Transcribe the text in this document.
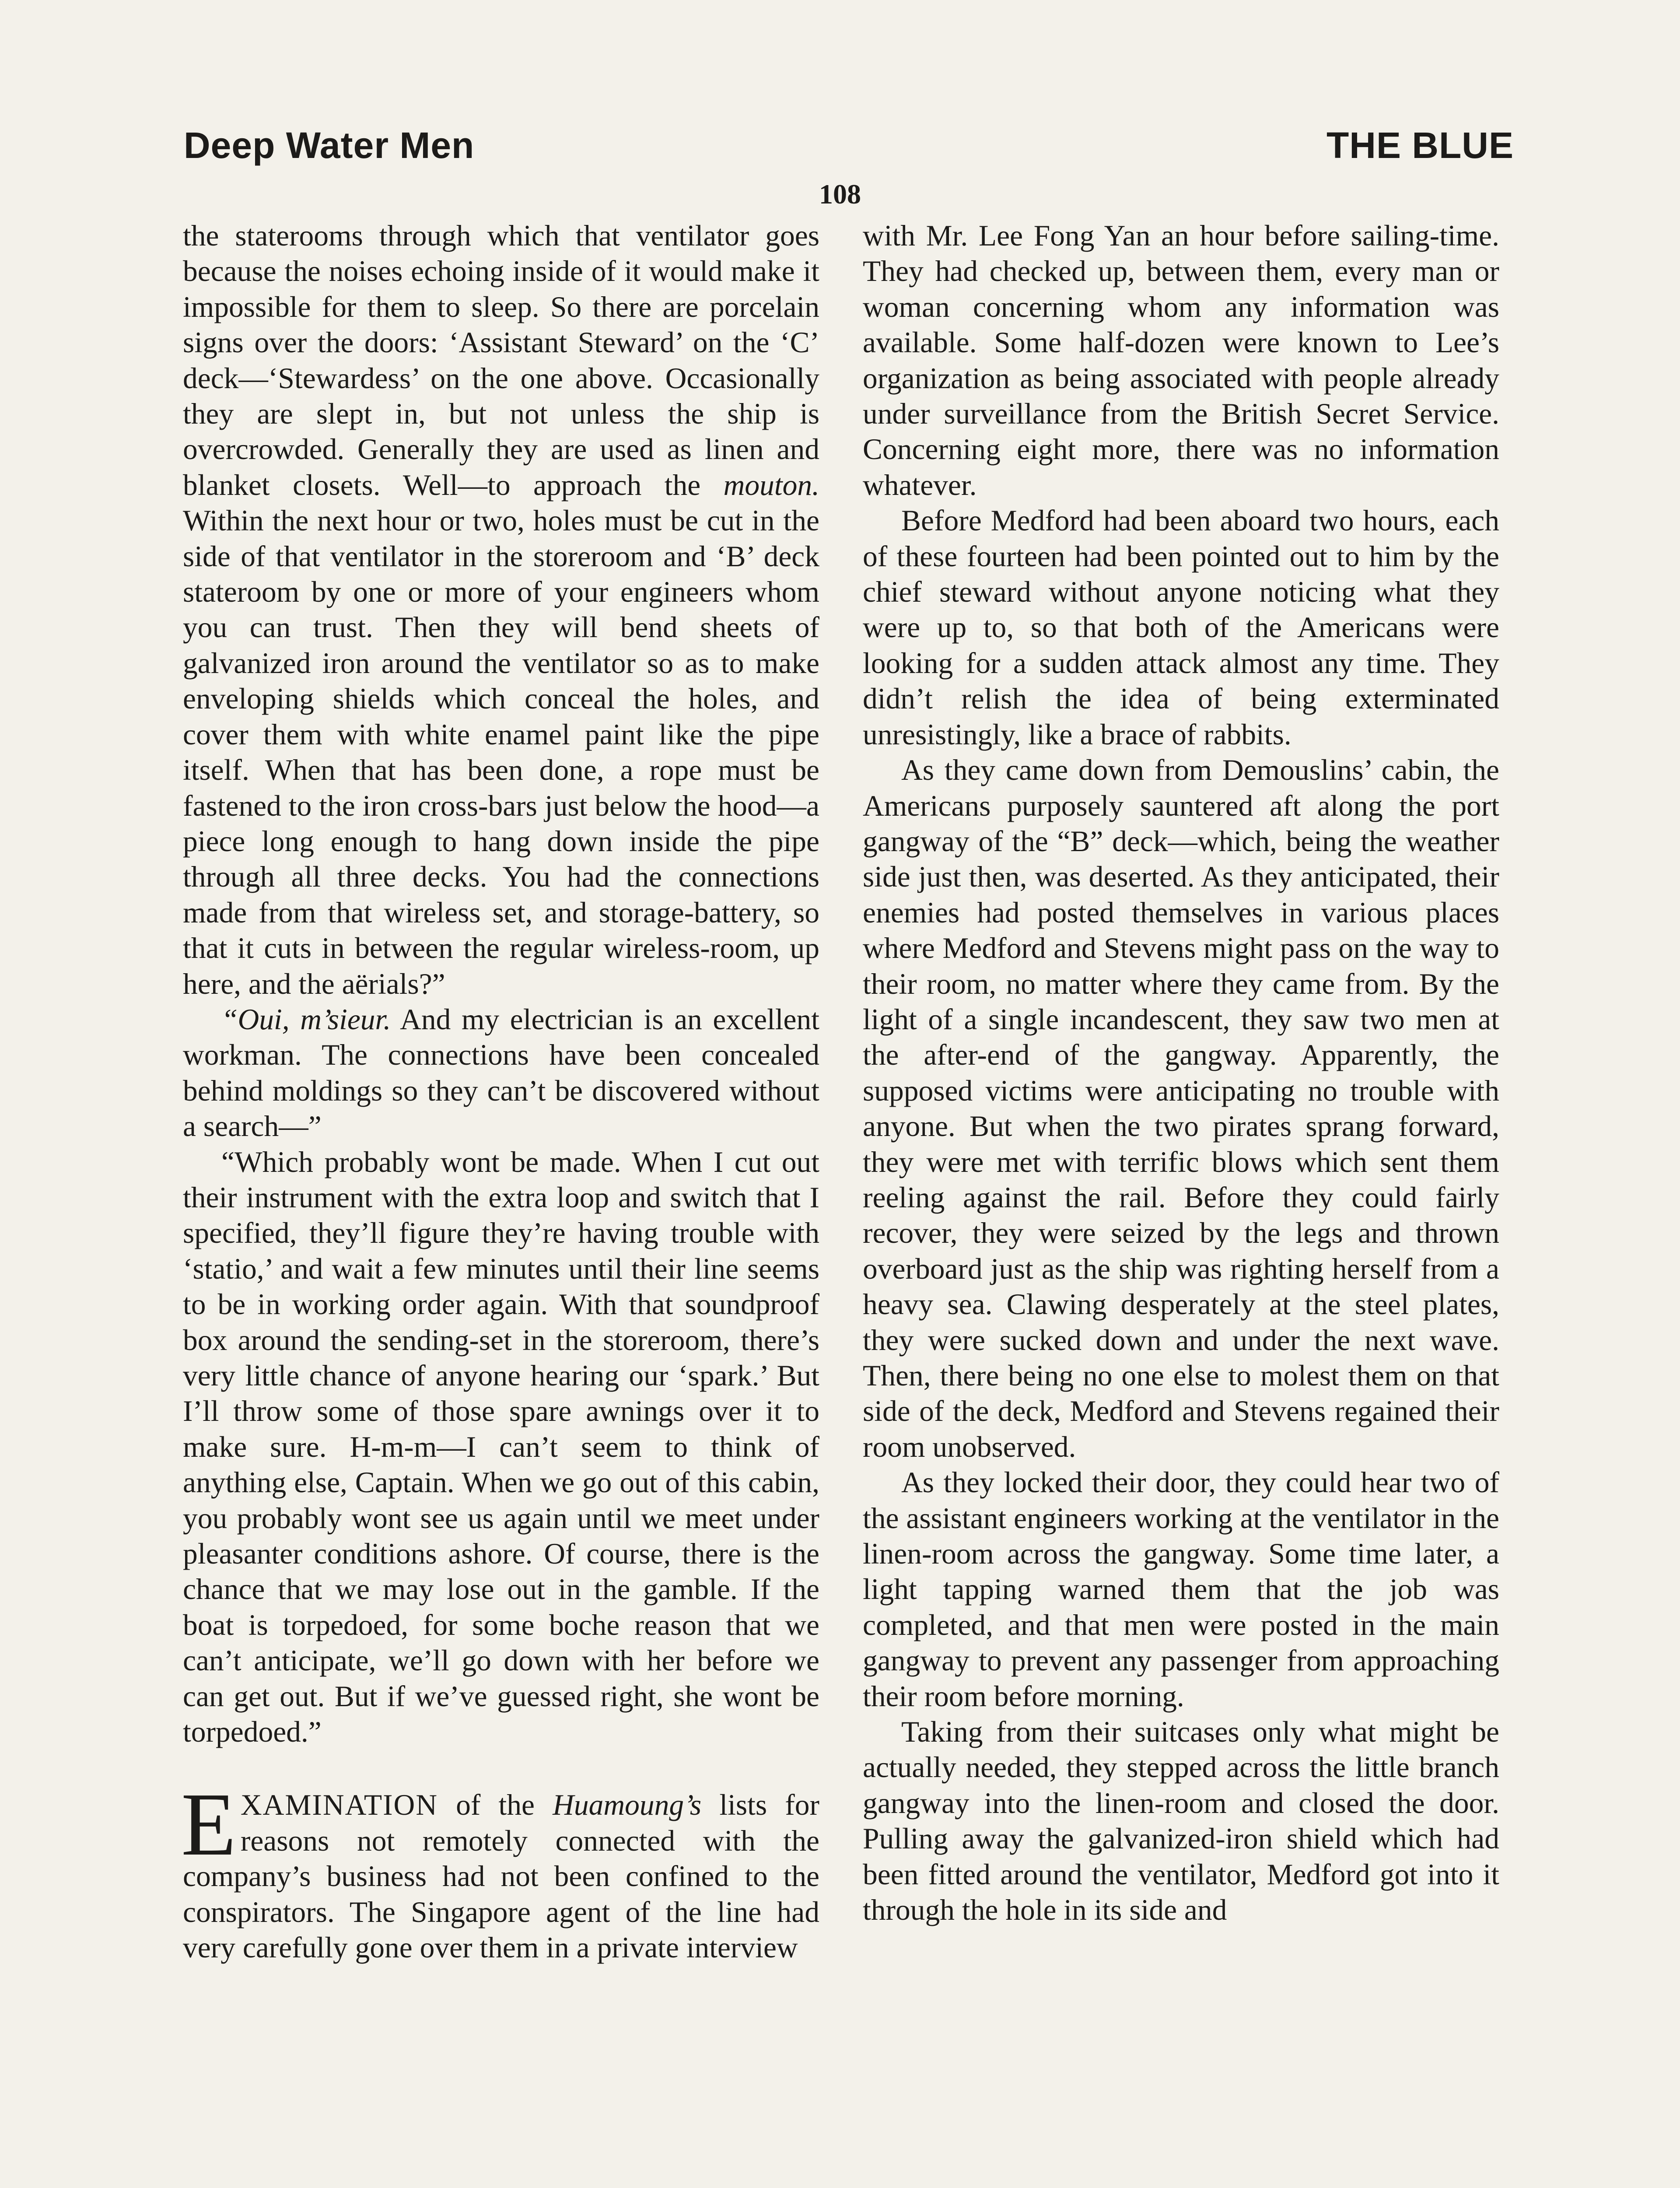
Deep Water Men	THE BLUE
108

the staterooms through which that ventilator goes because the noises echoing inside of it would make it impossible for them to sleep. So there are porcelain signs over the doors: ‘Assistant Steward’ on the ‘C’ deck—‘Stewardess’ on the one above. Occasionally they are slept in, but not unless the ship is overcrowded. Generally they are used as linen and blanket closets. Well—to approach the mouton. Within the next hour or two, holes must be cut in the side of that ventilator in the storeroom and ‘B’ deck stateroom by one or more of your engineers whom you can trust. Then they will bend sheets of galvanized iron around the ventilator so as to make enveloping shields which conceal the holes, and cover them with white enamel paint like the pipe itself. When that has been done, a rope must be fastened to the iron cross-bars just below the hood—a piece long enough to hang down inside the pipe through all three decks. You had the connections made from that wireless set, and storage-battery, so that it cuts in between the regular wireless-room, up here, and the aërials?”

“Oui, m’sieur. And my electrician is an excellent workman. The connections have been concealed behind moldings so they can’t be discovered without a search—”

“Which probably wont be made. When I cut out their instrument with the extra loop and switch that I specified, they’ll figure they’re having trouble with ‘statio,’ and wait a few minutes until their line seems to be in working order again. With that soundproof box around the sending-set in the storeroom, there’s very little chance of anyone hearing our ‘spark.’ But I’ll throw some of those spare awnings over it to make sure. H-m-m—I can’t seem to think of anything else, Captain. When we go out of this cabin, you probably wont see us again until we meet under pleasanter conditions ashore. Of course, there is the chance that we may lose out in the gamble. If the boat is torpedoed, for some boche reason that we can’t anticipate, we’ll go down with her before we can get out. But if we’ve guessed right, she wont be torpedoed.”

EXAMINATION of the Huamoung’s lists for reasons not remotely connected with the company’s business had not been confined to the conspirators. The Singapore agent of the line had very carefully gone over them in a private interview

with Mr. Lee Fong Yan an hour before sailing-time. They had checked up, between them, every man or woman concerning whom any information was available. Some half-dozen were known to Lee’s organization as being associated with people already under surveillance from the British Secret Service. Concerning eight more, there was no information whatever.

Before Medford had been aboard two hours, each of these fourteen had been pointed out to him by the chief steward without anyone noticing what they were up to, so that both of the Americans were looking for a sudden attack almost any time. They didn’t relish the idea of being exterminated unresistingly, like a brace of rabbits.

As they came down from Demouslins’ cabin, the Americans purposely sauntered aft along the port gangway of the “B” deck—which, being the weather side just then, was deserted. As they anticipated, their enemies had posted themselves in various places where Medford and Stevens might pass on the way to their room, no matter where they came from. By the light of a single incandescent, they saw two men at the after-end of the gangway. Apparently, the supposed victims were anticipating no trouble with anyone. But when the two pirates sprang forward, they were met with terrific blows which sent them reeling against the rail. Before they could fairly recover, they were seized by the legs and thrown overboard just as the ship was righting herself from a heavy sea. Clawing desperately at the steel plates, they were sucked down and under the next wave. Then, there being no one else to molest them on that side of the deck, Medford and Stevens regained their room unobserved.

As they locked their door, they could hear two of the assistant engineers working at the ventilator in the linen-room across the gangway. Some time later, a light tapping warned them that the job was completed, and that men were posted in the main gangway to prevent any passenger from approaching their room before morning.

Taking from their suitcases only what might be actually needed, they stepped across the little branch gangway into the linen-room and closed the door. Pulling away the galvanized-iron shield which had been fitted around the ventilator, Medford got into it through the hole in its side and
